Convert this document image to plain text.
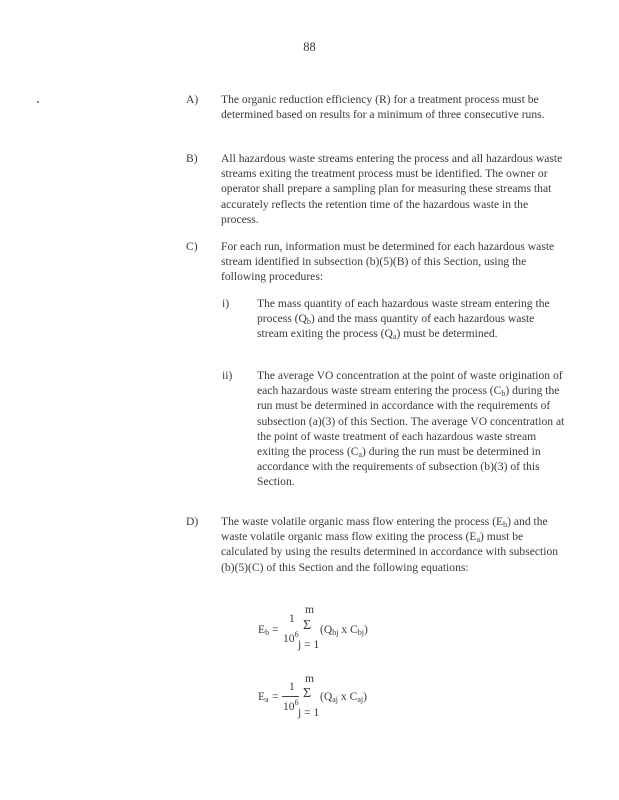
88
A) The organic reduction efficiency (R) for a treatment process must be determined based on results for a minimum of three consecutive runs.
B) All hazardous waste streams entering the process and all hazardous waste streams exiting the treatment process must be identified. The owner or operator shall prepare a sampling plan for measuring these streams that accurately reflects the retention time of the hazardous waste in the process.
C) For each run, information must be determined for each hazardous waste stream identified in subsection (b)(5)(B) of this Section, using the following procedures:
i) The mass quantity of each hazardous waste stream entering the process $(Q_b)$ and the mass quantity of each hazardous waste stream exiting the process $(Q_a)$ must be determined.
ii) The average VO concentration at the point of waste origination of each hazardous waste stream entering the process $(C_b)$ during the run must be determined in accordance with the requirements of subsection (a)(3) of this Section. The average VO concentration at the point of waste treatment of each hazardous waste stream exiting the process $(C_a)$ during the run must be determined in accordance with the requirements of subsection (b)(3) of this Section.
D) The waste volatile organic mass flow entering the process $(E_b)$ and the waste volatile organic mass flow exiting the process $(E_a)$ must be calculated by using the results determined in accordance with subsection (b)(5)(C) of this Section and the following equations:
$E_b$ =
1
$10^6$
m
Σ
j = 1
($Q_{bj}$ x $C_{bj}$)
$E_a$ =
1
$10^6$
m
Σ
j = 1
($Q_{aj}$ x $C_{aj}$)
